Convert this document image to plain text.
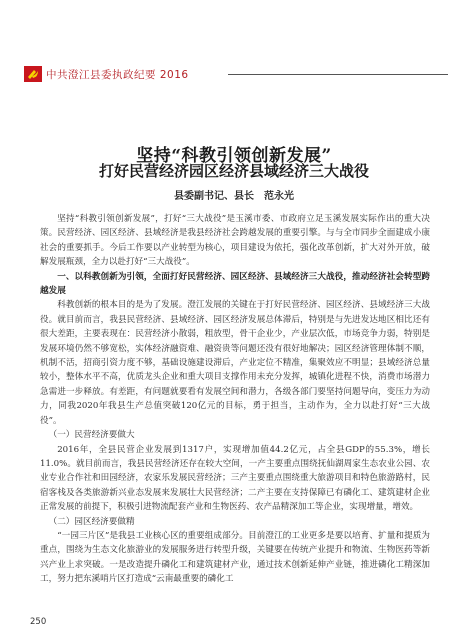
中共澄江县委执政纪要 2016
坚持“科教引领创新发展”
打好民营经济园区经济县域经济三大战役
县委副书记、县长　范永光

坚持“科教引领创新发展”，打好“三大战役”是玉溪市委、市政府立足玉溪发展实际作出的重大决策。民营经济、园区经济、县域经济是我县经济社会跨越发展的重要引擎。与与全市同步全面建成小康社会的重要抓手。今后工作要以产业转型为核心，项目建设为依托，强化改革创新，扩大对外开放，破解发展瓶颈，全力以赴打好“三大战役”。

一、以科教创新为引领，全面打好民营经济、园区经济、县域经济三大战役，推动经济社会转型跨越发展

科教创新的根本目的是为了发展。澄江发展的关键在于打好民营经济、园区经济、县域经济三大战役。就目前而言，我县民营经济、县域经济、园区经济发展总体滞后，特别是与先进发达地区相比还有很大差距，主要表现在：民营经济小散弱，粗放型，骨干企业少，产业层次低，市场竞争力弱，特别是发展环境仍然不够宽松，实体经济融资难、融资贵等问题还没有很好地解决；园区经济管理体制不顺，机制不活，招商引资力度不够，基础设施建设滞后，产业定位不精准，集聚效应不明显；县域经济总量较小，整体水平不高，优质龙头企业和重大项目支撑作用未充分发挥，城镇化进程不快，消费市场潜力急需进一步释放。有差距，有问题就要看有发展空间和潜力，各级各部门要坚持问题导向，变压力为动力，同我2020年我县生产总值突破120亿元的目标，勇于担当，主动作为，全力以赴打好“三大战役”。

（一）民营经济要做大

2016年，全县民营企业发展到1317户，实现增加值44.2亿元，占全县GDP的55.3%，增长11.0%。就目前而言，我县民营经济还存在较大空间，一产主要重点围绕抚仙湖周家生态农业公园、农业专业合作社和田园经济，农家乐发展民营经济；三产主要重点围绕重大旅游项目和特色旅游路村，民宿客栈及各类旅游新兴业态发展来发展壮大民营经济；二产主要在支持保障已有磷化工、建筑建材企业正常发展的前提下，积极引进物流配套产业和生物医药、农产品精深加工等企业，实现增量，增效。

（二）园区经济要做精

“一园三片区”是我县工业核心区的重要组成部分。目前澄江的工业更多是要以培育、扩量和提质为重点，围绕为生态文化旅游业的发展服务进行转型升级，关键要在传统产业提升和物流、生物医药等新兴产业上求突破。一是改造提升磷化工和建筑建材产业，通过技术创新延伸产业链，推进磷化工精深加工，努力把东溪哨片区打造成“云南最重要的磷化工

250
